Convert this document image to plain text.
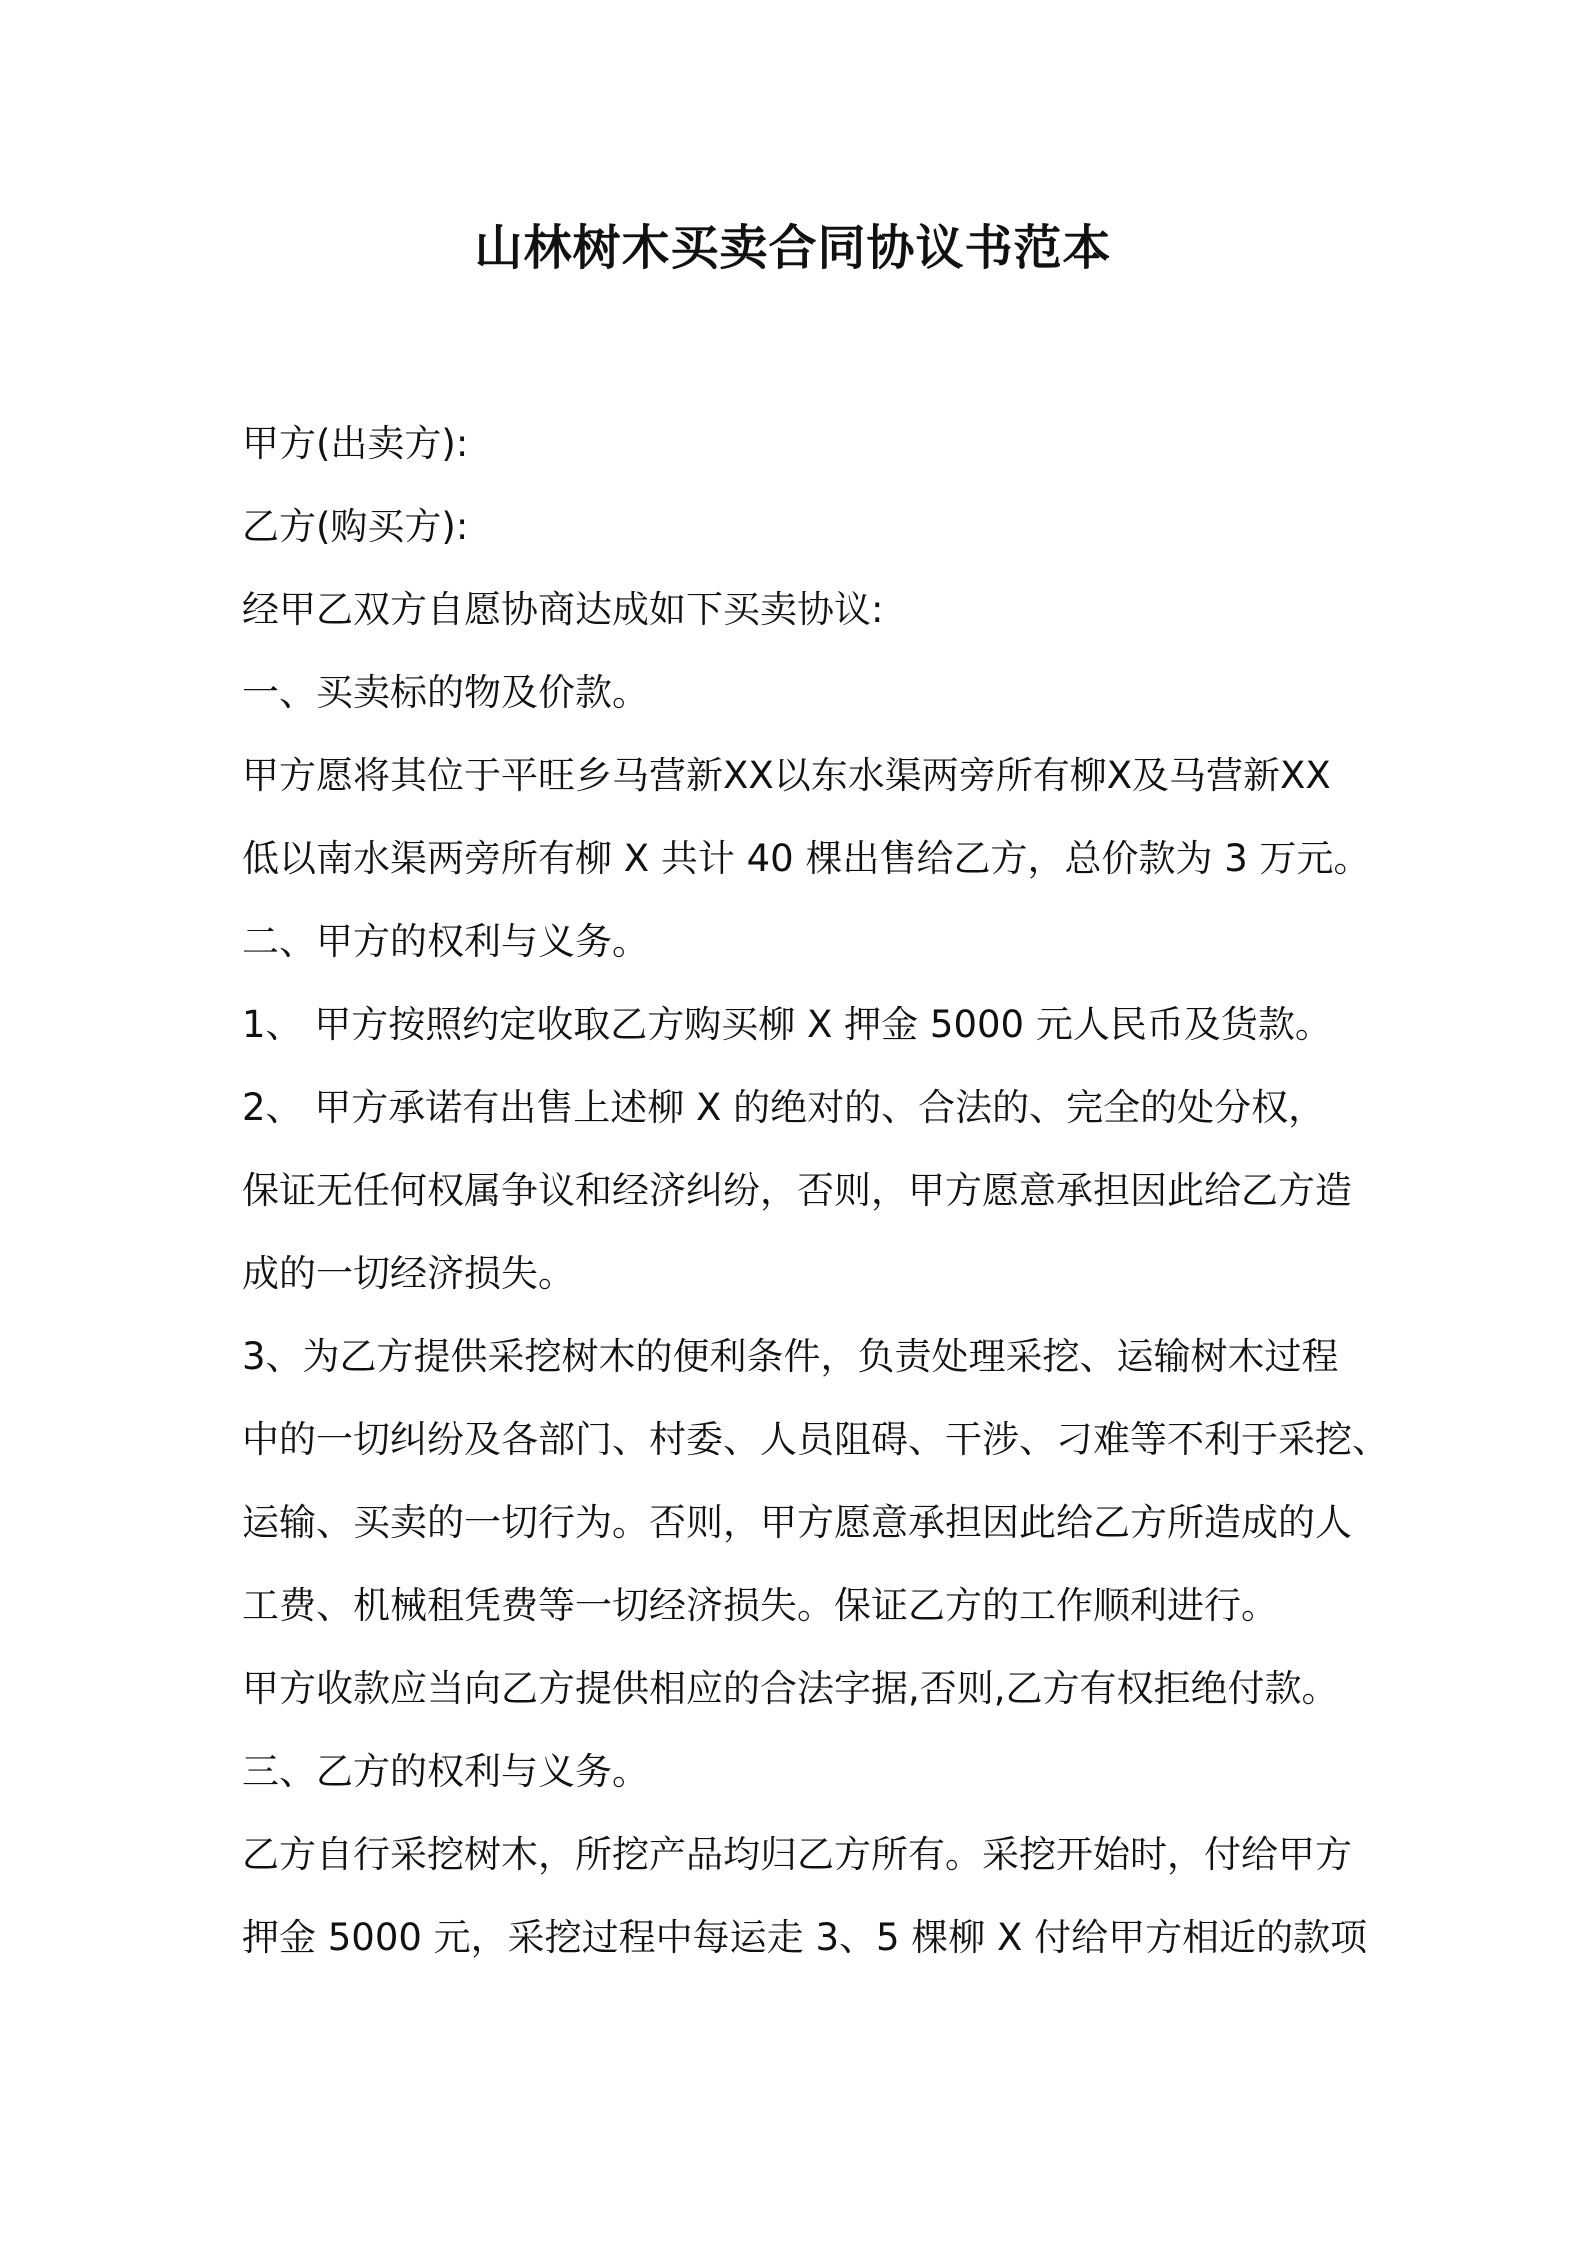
山林树木买卖合同协议书范本

甲方(出卖方):

乙方(购买方):

经甲乙双方自愿协商达成如下买卖协议:

一、买卖标的物及价款。

甲方愿将其位于平旺乡马营新XX以东水渠两旁所有柳X及马营新XX

低以南水渠两旁所有柳 X 共计 40 棵出售给乙方，总价款为 3 万元。

二、甲方的权利与义务。

1、 甲方按照约定收取乙方购买柳 X 押金 5000 元人民币及货款。

2、 甲方承诺有出售上述柳 X 的绝对的、合法的、完全的处分权，

保证无任何权属争议和经济纠纷，否则，甲方愿意承担因此给乙方造

成的一切经济损失。

3、为乙方提供采挖树木的便利条件，负责处理采挖、运输树木过程

中的一切纠纷及各部门、村委、人员阻碍、干涉、刁难等不利于采挖、

运输、买卖的一切行为。否则，甲方愿意承担因此给乙方所造成的人

工费、机械租凭费等一切经济损失。保证乙方的工作顺利进行。

甲方收款应当向乙方提供相应的合法字据,否则,乙方有权拒绝付款。

三、乙方的权利与义务。

乙方自行采挖树木，所挖产品均归乙方所有。采挖开始时，付给甲方

押金 5000 元，采挖过程中每运走 3、5 棵柳 X 付给甲方相近的款项
